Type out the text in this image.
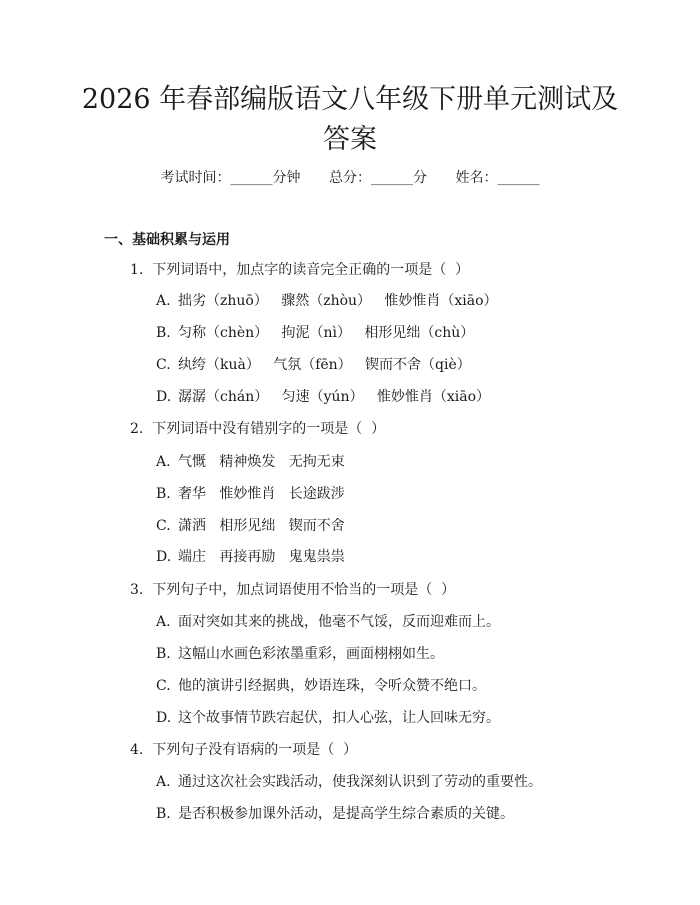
2026 年春部编版语文八年级下册单元测试及
答案
考试时间：______分钟 总分：______分 姓名：______
一、基础积累与运用
1.  下列词语中，加点字的读音完全正确的一项是（  ）
A. 拙劣（zhuō）   骤然（zhòu）   惟妙惟肖（xiāo）
B. 匀称（chèn）   拘泥（nì）   相形见绌（chù）
C. 纨绔（kuà）   气氛（fēn）   锲而不舍（qiè）
D. 潺潺（chán）   匀速（yún）   惟妙惟肖（xiāo）
2.  下列词语中没有错别字的一项是（  ）
A. 气慨   精神焕发   无拘无束
B. 奢华   惟妙惟肖   长途跋涉
C. 潇洒   相形见绌   锲而不舍
D. 端庄   再接再励   鬼鬼祟祟
3.  下列句子中，加点词语使用不恰当的一项是（  ）
A. 面对突如其来的挑战，他毫不气馁，反而迎难而上。
B. 这幅山水画色彩浓墨重彩，画面栩栩如生。
C. 他的演讲引经据典，妙语连珠，令听众赞不绝口。
D. 这个故事情节跌宕起伏，扣人心弦，让人回味无穷。
4.  下列句子没有语病的一项是（  ）
A. 通过这次社会实践活动，使我深刻认识到了劳动的重要性。
B. 是否积极参加课外活动，是提高学生综合素质的关键。
